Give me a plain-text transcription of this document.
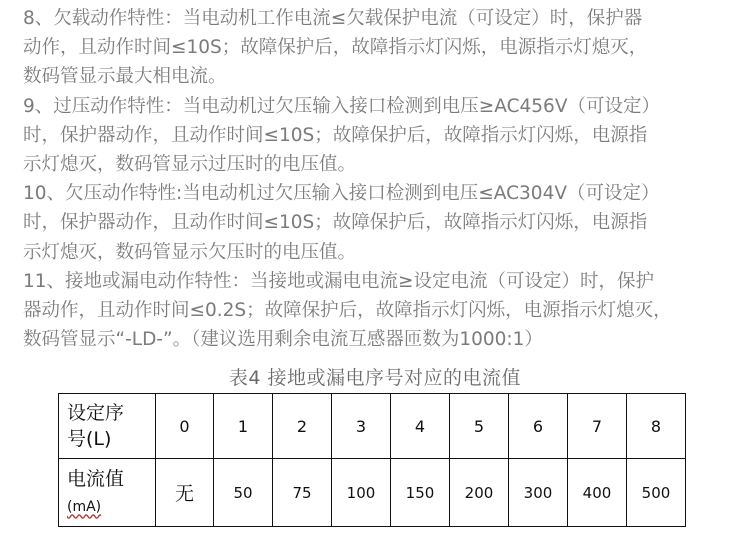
8、欠载动作特性：当电动机工作电流≤欠载保护电流（可设定）时，保护器
动作，且动作时间≤10S；故障保护后，故障指示灯闪烁，电源指示灯熄灭，
数码管显示最大相电流。

9、过压动作特性：当电动机过欠压输入接口检测到电压≥AC456V（可设定）
时，保护器动作，且动作时间≤10S；故障保护后，故障指示灯闪烁，电源指
示灯熄灭，数码管显示过压时的电压值。

10、欠压动作特性:当电动机过欠压输入接口检测到电压≤AC304V（可设定）
时，保护器动作，且动作时间≤10S；故障保护后，故障指示灯闪烁，电源指
示灯熄灭，数码管显示欠压时的电压值。

11、接地或漏电动作特性：当接地或漏电电流≥设定电流（可设定）时，保护
器动作，且动作时间≤0.2S；故障保护后，故障指示灯闪烁，电源指示灯熄灭，
数码管显示“-LD-”。（建议选用剩余电流互感器匝数为1000:1）

表4 接地或漏电序号对应的电流值
设定序
号(L)	0	1	2	3	4	5	6	7	8
电流值
(mA)	无	50	75	100	150	200	300	400	500
